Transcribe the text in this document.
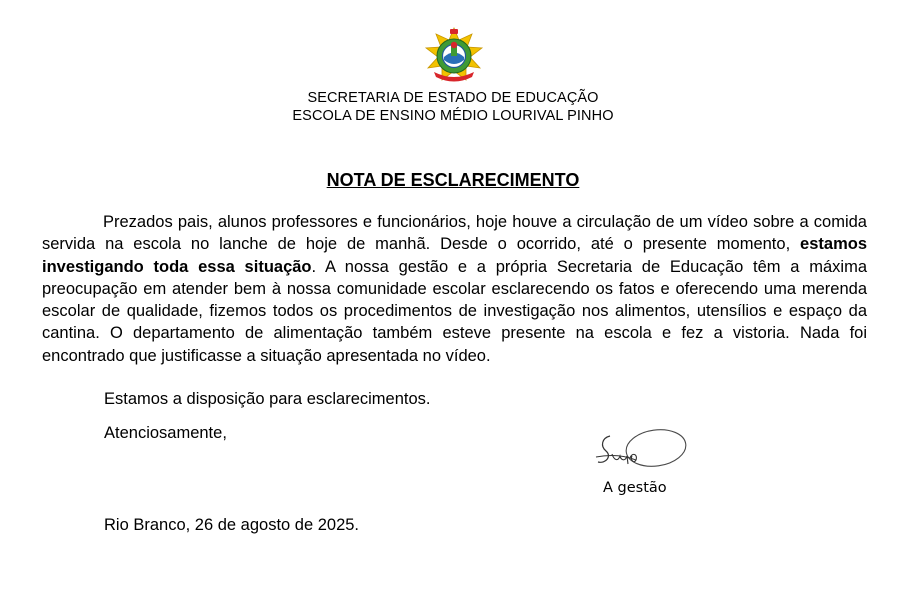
SECRETARIA DE ESTADO DE EDUCAÇÃO
ESCOLA DE ENSINO MÉDIO LOURIVAL PINHO
NOTA DE ESCLARECIMENTO

Prezados pais, alunos professores e funcionários, hoje houve a circulação de um vídeo sobre a comida servida na escola no lanche de hoje de manhã. Desde o ocorrido, até o presente momento, estamos investigando toda essa situação. A nossa gestão e a própria Secretaria de Educação têm a máxima preocupação em atender bem à nossa comunidade escolar esclarecendo os fatos e oferecendo uma merenda escolar de qualidade, fizemos todos os procedimentos de investigação nos alimentos, utensílios e espaço da cantina. O departamento de alimentação também esteve presente na escola e fez a vistoria. Nada foi encontrado que justificasse a situação apresentada no vídeo.

Estamos a disposição para esclarecimentos.
Atenciosamente,
A gestão
Rio Branco, 26 de agosto de 2025.
